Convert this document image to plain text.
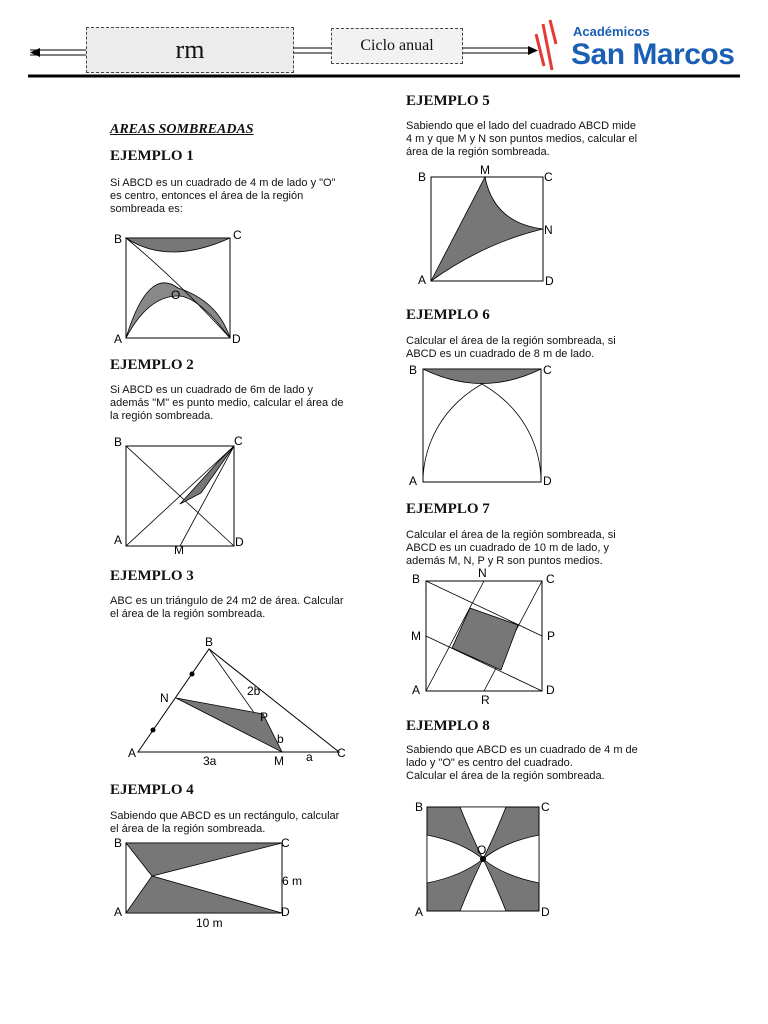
rm	Ciclo anual
Académicos
San Marcos
AREAS SOMBREADAS
EJEMPLO 1
Si ABCD es un cuadrado de 4 m de lado y "O"
es centro, entonces el área de la región
sombreada es:
B	C
A	D
O
EJEMPLO 2
Si ABCD es un cuadrado de 6m de lado y
además "M" es punto medio, calcular el área de
la región sombreada.
B	C
A	D
M
EJEMPLO 3
ABC es un triángulo de 24 m2 de área. Calcular
el área de la región sombreada.
B
N
P
A
M
C
2b
b
3a	a
EJEMPLO 4
Sabiendo que ABCD es un rectángulo, calcular
el área de la región sombreada.
B	C
A	D
6 m
10 m
EJEMPLO 5
Sabiendo que el lado del cuadrado ABCD mide
4 m y que M y N son puntos medios, calcular el
área de la región sombreada.
B	M	C
N
A	D
EJEMPLO 6
Calcular el área de la región sombreada, si
ABCD es un cuadrado de 8 m de lado.
B	C
A	D
EJEMPLO 7
Calcular el área de la región sombreada, si
ABCD es un cuadrado de 10 m de lado, y
además M, N, P y R son puntos medios.
B	N	C
M	P
A
R
D
EJEMPLO 8
Sabiendo que ABCD es un cuadrado de 4 m de
lado y "O" es centro del cuadrado.
Calcular el área de la región sombreada.
B	C
O
A	D
